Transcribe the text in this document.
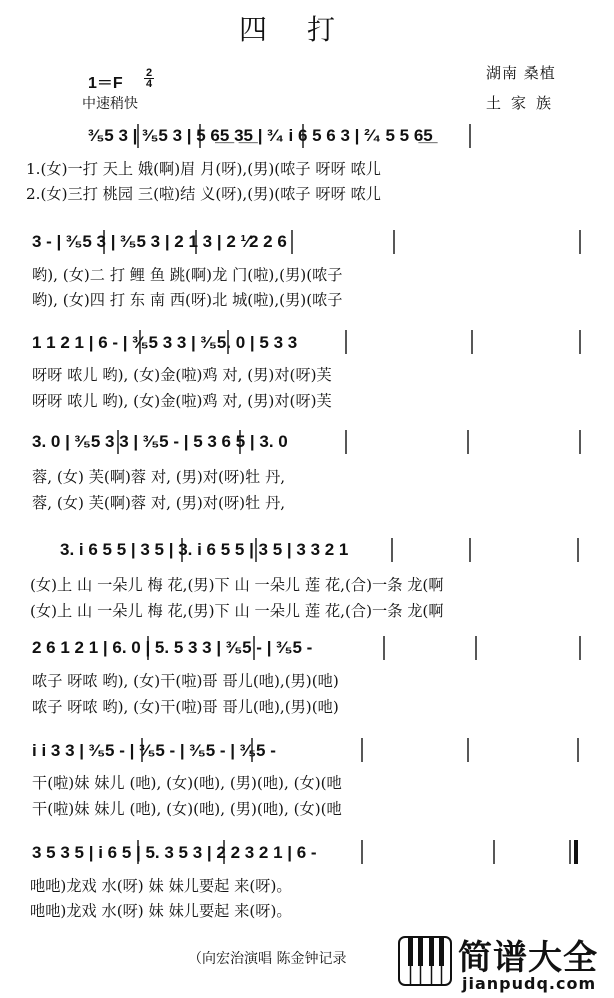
四打
$1=F \frac{2}{4}$
中速稍快
湖南 桑植
土家族
³⁄₅5 3 | ³⁄₅5 3 | 5 6̲5̲ 3̲5̲ | ³⁄₄ i 6 5 6 3 | ²⁄₄ 5 5 6̲5̲
1.(女)一打 天上 娥(啊)眉 月(呀),(男)(哝子 呀呀 哝儿
2.(女)三打 桃园 三(啦)结 义(呀),(男)(哝子 呀呀 哝儿
3 - | ³⁄₅5 3 | ³⁄₅5 3 | 2 1 3 | 2 ¹⁄2 2 6
哟), (女)二 打 鲤 鱼 跳(啊)龙 门(啦),(男)(哝子
哟), (女)四 打 东 南 西(呀)北 城(啦),(男)(哝子
1 1 2 1 | 6 - | ³⁄₅5 3 3 | ³⁄₅5. 0 | 5 3 3
呀呀 哝儿 哟), (女)金(啦)鸡 对, (男)对(呀)芙
呀呀 哝儿 哟), (女)金(啦)鸡 对, (男)对(呀)芙
3. 0 | ³⁄₅5 3 3 | ³⁄₅5 - | 5 3 6 5 | 3. 0
蓉, (女) 芙(啊)蓉 对, (男)对(呀)牡 丹,
蓉, (女) 芙(啊)蓉 对, (男)对(呀)牡 丹,
3. i 6 5 5 | 3 5 | 3. i 6 5 5 | 3 5 | 3 3 2 1
(女)上 山 一朵儿 梅 花,(男)下 山 一朵儿 莲 花,(合)一条 龙(啊
(女)上 山 一朵儿 梅 花,(男)下 山 一朵儿 莲 花,(合)一条 龙(啊
2 6 1 2 1 | 6. 0 | 5. 5 3 3 | ³⁄₅5 - | ³⁄₅5 -
哝子 呀哝 哟), (女)干(啦)哥 哥儿(吔),(男)(吔)
哝子 呀哝 哟), (女)干(啦)哥 哥儿(吔),(男)(吔)
i i 3 3 | ³⁄₅5 - | ³⁄₅5 - | ³⁄₅5 - | ³⁄₅5 -
干(啦)妹 妹儿 (吔), (女)(吔), (男)(吔), (女)(吔
干(啦)妹 妹儿 (吔), (女)(吔), (男)(吔), (女)(吔
3 5 3 5 | i 6 5 | 5. 3 5 3 | 2 2 3 2 1 | 6 -
吔吔)龙戏 水(呀) 妹 妹儿要起 来(呀)。
吔吔)龙戏 水(呀) 妹 妹儿要起 来(呀)。
（向宏治演唱 陈金钟记录	简谱大全
jianpudq.com
